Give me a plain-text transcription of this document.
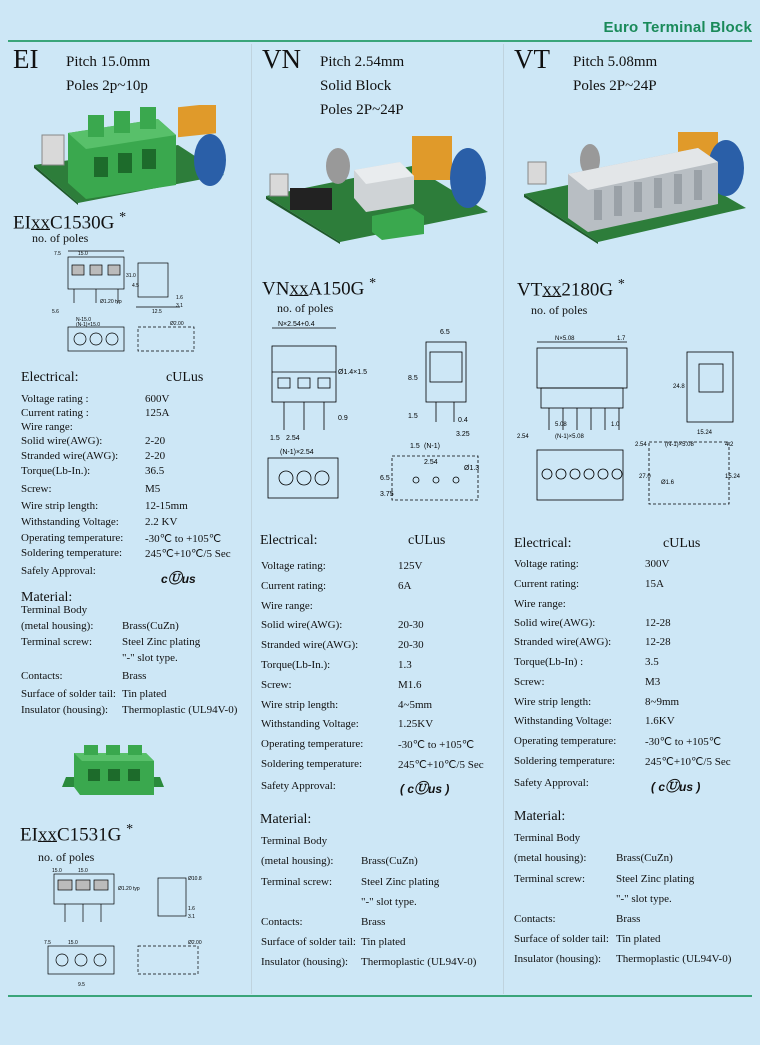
Euro Terminal Block
EI Pitch 15.0mm
Poles 2p~10p
EIxxC1530G *
no. of poles
7.5	15.0
N-15.0
(N-1)×15.0
31.0
12.5
5.6
1.6
3.1
4.5
Ø2.00
Ø1.20 typ
Electrical:	cULus
Voltage rating :	600V
Current rating :	125A
Wire range:
Solid wire(AWG):	2-20
Stranded wire(AWG): 2-20
Torque(Lb-In.):	36.5
Screw:	M5
Wire strip length:	12-15mm
Withstanding Voltage: 2.2 KV
Operating temperature: -30℃ to +105℃
Soldering temperature: 245℃+10℃/5 Sec
Safely Approval:
cⓊus
Material:
Terminal Body
(metal housing):	Brass(CuZn)
Terminal screw:	Steel Zinc plating
"-" slot type.
Contacts:	Brass
Surface of solder tail: Tin plated
Insulator (housing): Thermoplastic (UL94V-0)
EIxxC1531G *
no. of poles
15.0	15.0
Ø1.20 typ
Ø10.8
1.6
3.1
7.5	15.0	Ø2.00
9.5
VN Pitch 2.54mm
Solid Block
Poles 2P~24P
VNxxA150G *
no. of poles
N×2.54+0.4
(N-1)×2.54
1.5 2.54
Ø1.4×1.5
0.9
6.5
8.5
1.5
0.4
3.25
1.5 (N-1)
2.54
Ø1.3
6.5
3.75
Electrical:	cULus
Voltage rating:	125V
Current rating:	6A
Wire range:
Solid wire(AWG):	20-30
Stranded wire(AWG):	20-30
Torque(Lb-In.):	1.3
Screw:	M1.6
Wire strip length:	4~5mm
Withstanding Voltage:	1.25KV
Operating temperature:	-30℃ to +105℃
Soldering temperature:	245℃+10℃/5 Sec
Safety Approval:	( cⓊus )
Material:
Terminal Body
(metal housing):	Brass(CuZn)
Terminal screw:	Steel Zinc plating
"-" slot type.
Contacts:	Brass
Surface of solder tail: Tin plated
Insulator (housing): Thermoplastic (UL94V-0)
VT Pitch 5.08mm
Poles 2P~24P
VTxx2180G *
no. of poles
N×5.08	1.7
5.08	1.0
(N-1)×5.08
2.54
24.8
15.24
2.54	(N-1)×5.08	4.2
27.0	15.24
Ø1.6
Electrical:	cULus
Voltage rating:	300V
Current rating:	15A
Wire range:
Solid wire(AWG):	12-28
Stranded wire(AWG):	12-28
Torque(Lb-In) :	3.5
Screw:	M3
Wire strip length:	8~9mm
Withstanding Voltage:	1.6KV
Operating temperature:	-30℃ to +105℃
Soldering temperature:	245℃+10℃/5 Sec
Safety Approval:	( cⓊus )
Material:
Terminal Body
(metal housing):	Brass(CuZn)
Terminal screw:	Steel Zinc plating
"-" slot type.
Contacts:	Brass
Surface of solder tail: Tin plated
Insulator (housing): Thermoplastic (UL94V-0)
